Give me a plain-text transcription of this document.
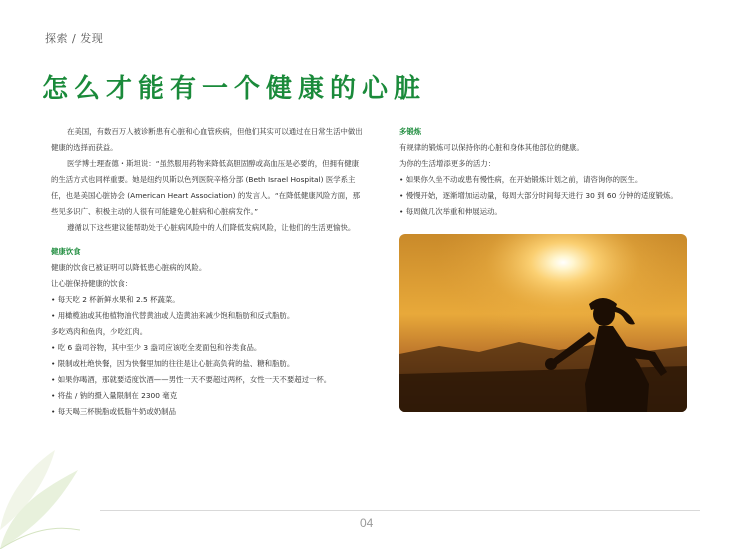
探索 / 发现
怎么才能有一个健康的心脏

在美国，有数百万人被诊断患有心脏和心血管疾病，但他们其实可以通过在日常生活中做出健康的选择而获益。

医学博士理查德・斯坦说：“虽然服用药物来降低高胆固醇或高血压是必要的，但拥有健康的生活方式也同样重要。她是纽约贝斯以色列医院辛格分部 (Beth Israel Hospital) 医学系主任，也是美国心脏协会 (American Heart Association) 的发言人。“在降低健康风险方面，那些见多识广、积极主动的人很有可能避免心脏病和心脏病发作。”

遵循以下这些建议能帮助处于心脏病风险中的人们降低发病风险，让他们的生活更愉快。

健康饮食

健康的饮食已被证明可以降低患心脏病的风险。

让心脏保持健康的饮食：

• 每天吃 2 杯新鲜水果和 2.5 杯蔬菜。

• 用橄榄油或其他植物油代替黄油或人造黄油来减少饱和脂肪和反式脂肪。

多吃鸡肉和鱼肉，少吃红肉。

• 吃 6 盎司谷物，其中至少 3 盎司应该吃全麦面包和谷类食品。

• 限制或杜绝快餐，因为快餐里加的往往是让心脏高负荷的盐、糖和脂肪。

• 如果你喝酒，那就要适度饮酒——男性一天不要超过两杯，女性一天不要超过一杯。

• 将盐 / 钠的摄入量限制在 2300 毫克

• 每天喝三杯脱脂或低脂牛奶或奶制品

多锻炼

有规律的锻炼可以保持你的心脏和身体其他部位的健康。

为你的生活增添更多的活力：

• 如果你久坐不动或患有慢性病，在开始锻炼计划之前，请咨询你的医生。

• 慢慢开始，逐渐增加运动量，每周大部分时间每天进行 30 到 60 分钟的适度锻炼。

• 每周做几次举重和伸展运动。

04
